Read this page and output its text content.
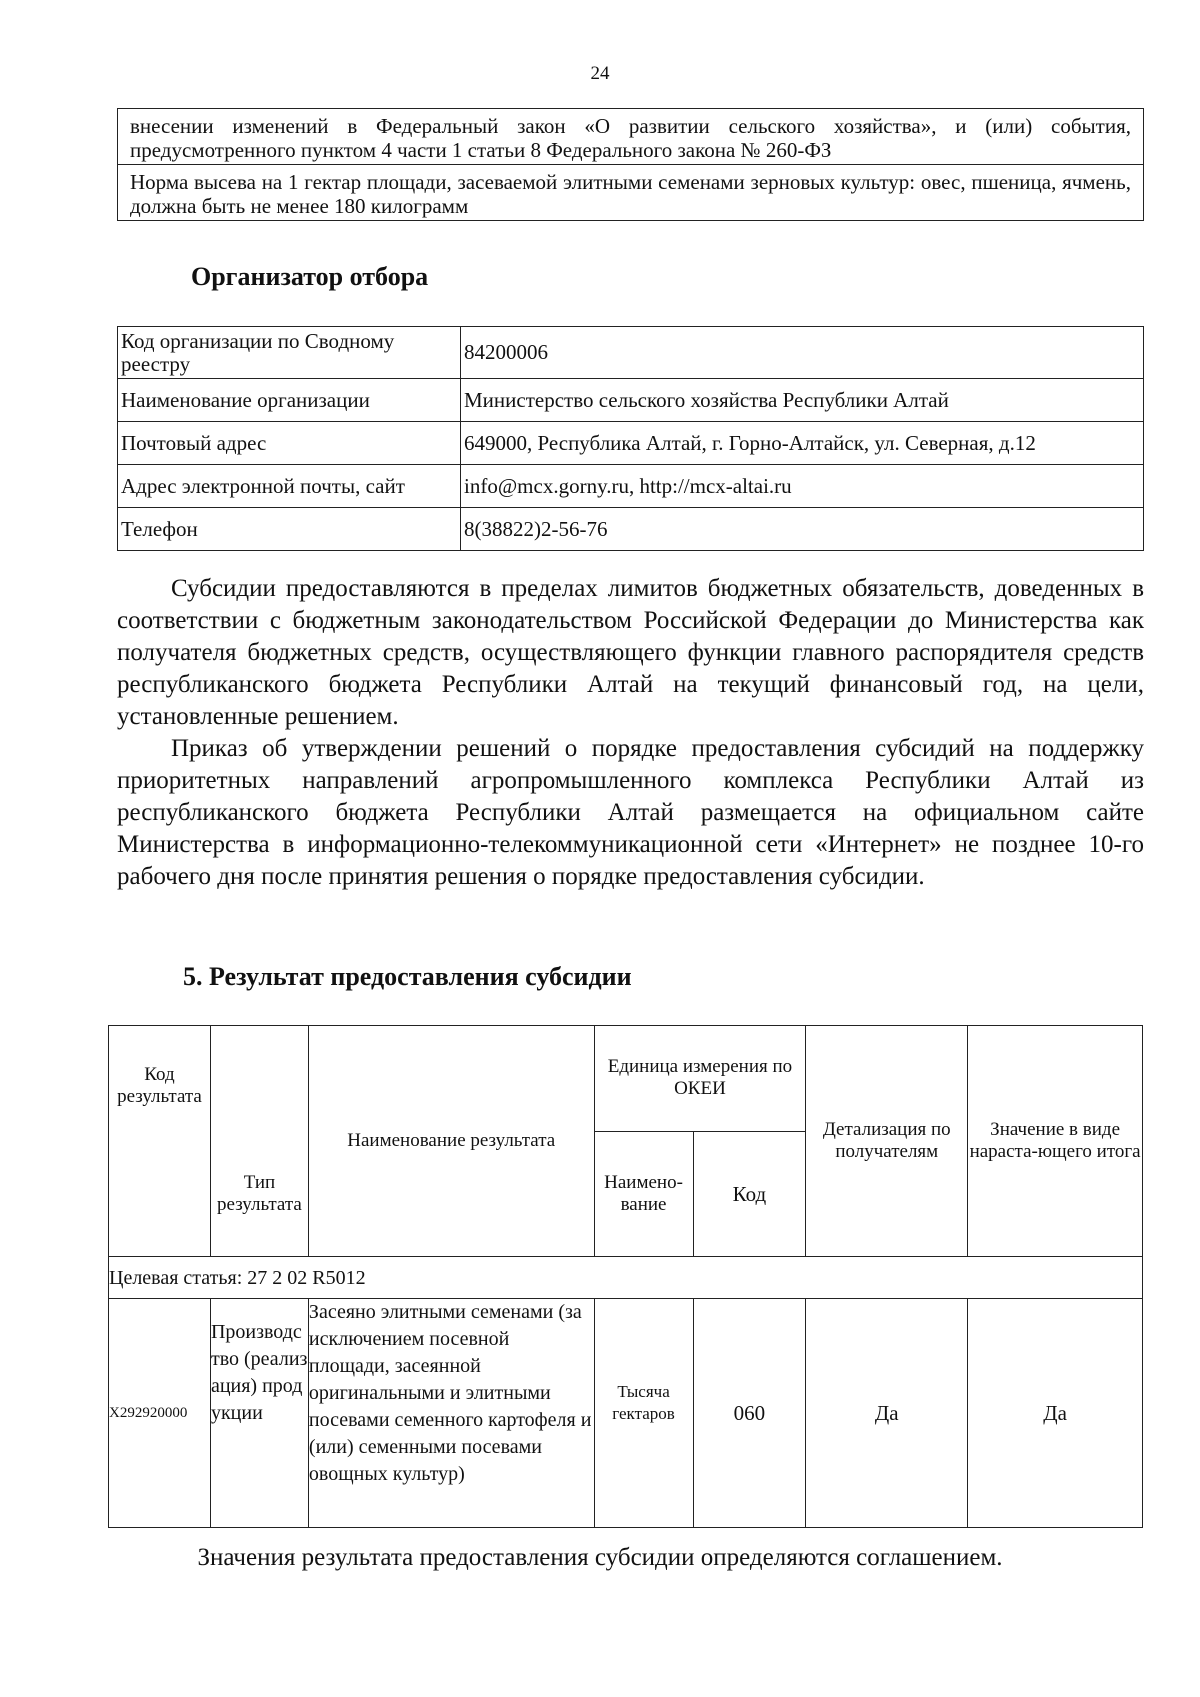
24
внесении изменений в Федеральный закон «О развитии сельского хозяйства», и (или) события, предусмотренного пунктом 4 части 1 статьи 8 Федерального закона № 260-ФЗ
Норма высева на 1 гектар площади, засеваемой элитными семенами зерновых культур: овес, пшеница, ячмень, должна быть не менее 180 килограмм
Организатор отбора
Код организации по Сводному реестру	84200006
Наименование организации	Министерство сельского хозяйства Республики Алтай
Почтовый адрес	649000, Республика Алтай, г. Горно-Алтайск, ул. Северная, д.12
Адрес электронной почты, сайт	info@mcx.gorny.ru, http://mcx-altai.ru
Телефон	8(38822)2-56-76
Субсидии предоставляются в пределах лимитов бюджетных обязательств, доведенных в соответствии с бюджетным законодательством Российской Федерации до Министерства как получателя бюджетных средств, осуществляющего функции главного распорядителя средств республиканского бюджета Республики Алтай на текущий финансовый год, на цели, установленные решением.
Приказ об утверждении решений о порядке предоставления субсидий на поддержку приоритетных направлений агропромышленного комплекса Республики Алтай из республиканского бюджета Республики Алтай размещается на официальном сайте Министерства в информационно-телекоммуникационной сети «Интернет» не позднее 10-го рабочего дня после принятия решения о порядке предоставления субсидии.
5. Результат предоставления субсидии
Код результата	Тип результата	Наименование результата	Единица измерения по ОКЕИ		Детализация по получателям	Значение в виде нараста-ющего итога
			Наимено-вание	Код		
Целевая статья: 27 2 02 R5012						
X292920000	Производство (реализация) продукции	Засеяно элитными семенами (за исключением посевной площади, засеянной оригинальными и элитными посевами семенного картофеля и (или) семенными посевами овощных культур)	Тысяча гектаров	060	Да	Да
Значения результата предоставления субсидии определяются соглашением.
